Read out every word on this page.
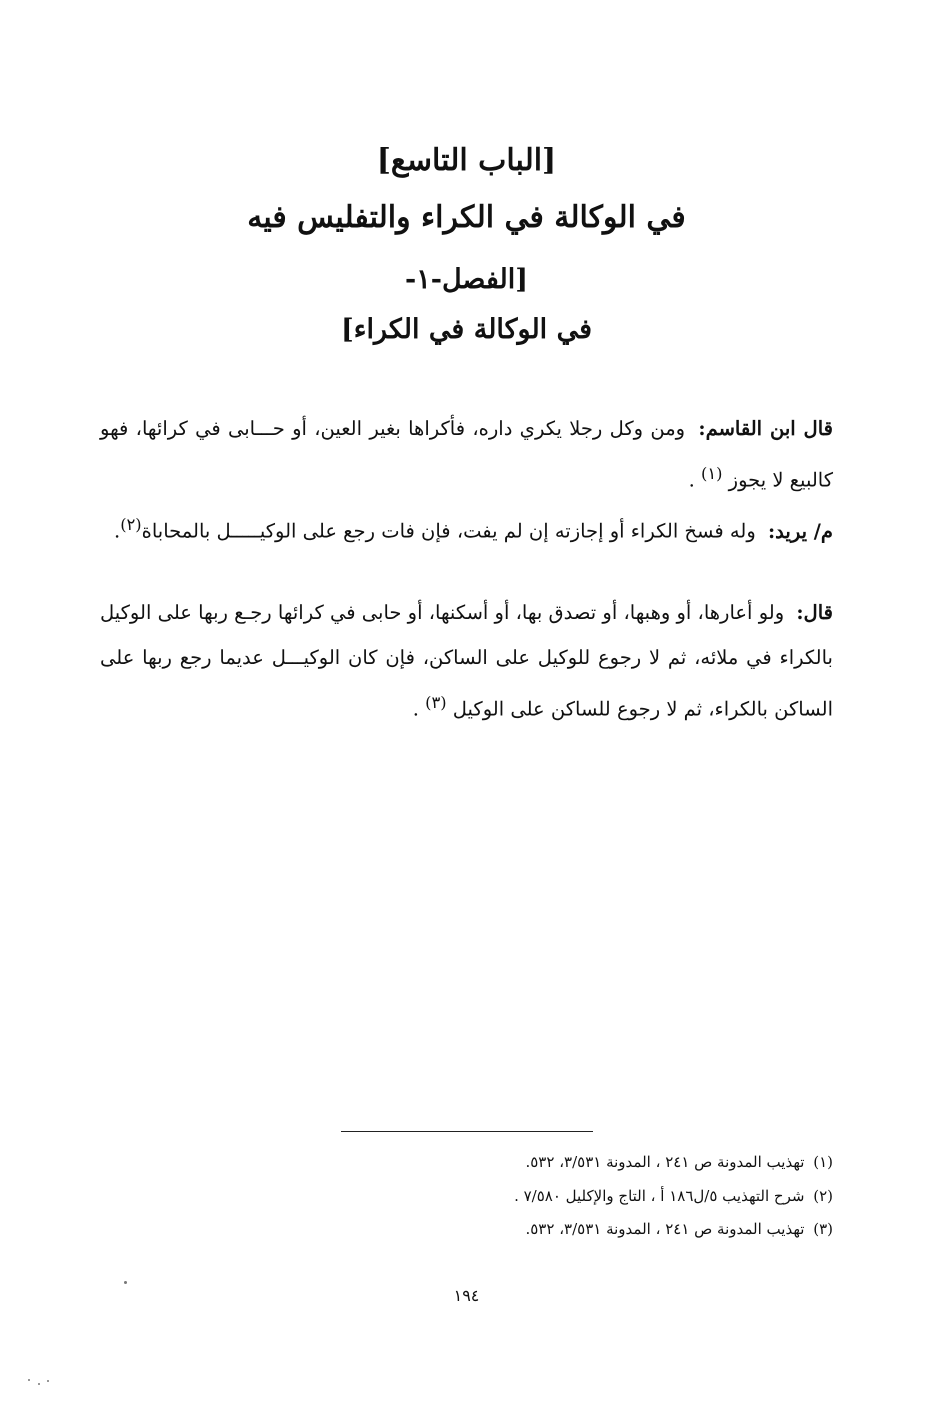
[الباب التاسع]
في الوكالة في الكراء والتفليس فيه
[الفصل-١-
في الوكالة في الكراء]
قال ابن القاسم: ومن وكل رجلا يكري داره، فأكراها بغير العين، أو حـــابى في كرائها، فهو كالبيع لا يجوز $^{(١)}$ .
م/ يريد: وله فسخ الكراء أو إجازته إن لم يفت، فإن فات رجع على الوكيـــــل بالمحاباة$^{(٢)}$.
قال: ولو أعارها، أو وهبها، أو تصدق بها، أو أسكنها، أو حابى في كرائها رجـع ربها على الوكيل بالكراء في ملائه، ثم لا رجوع للوكيل على الساكن، فإن كان الوكيـــل عديما رجع ربها على الساكن بالكراء، ثم لا رجوع للساكن على الوكيل $^{(٣)}$ .
(١) تهذيب المدونة ص ٢٤١ ، المدونة ٣/٥٣١، ٥٣٢.
(٢) شرح التهذيب ٥/ل١٨٦ أ ، التاج والإكليل ٧/٥٨٠ .
(٣) تهذيب المدونة ص ٢٤١ ، المدونة ٣/٥٣١، ٥٣٢.
١٩٤
